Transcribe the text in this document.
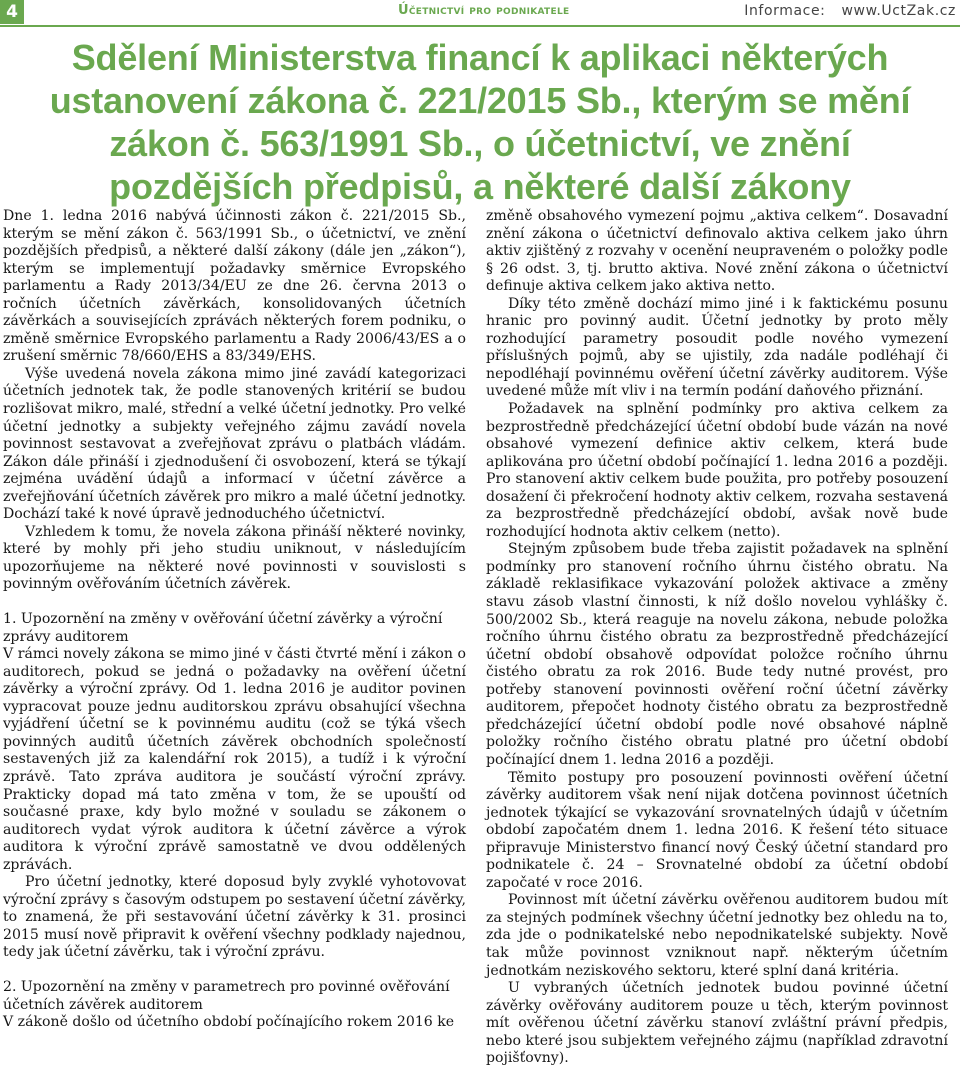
4	Účetnictví pro podnikatele	Informace: www.UctZak.cz
Sdělení Ministerstva financí k aplikaci některých ustanovení zákona č. 221/2015 Sb., kterým se mění zákon č. 563/1991 Sb., o účetnictví, ve znění pozdějších předpisů, a některé další zákony

Dne 1. ledna 2016 nabývá účinnosti zákon č. 221/2015 Sb., kterým se mění zákon č. 563/1991 Sb., o účetnictví, ve znění pozdějších předpisů, a některé další zákony (dále jen „zákon“), kterým se implementují požadavky směrnice Evropského parlamentu a Rady 2013/34/EU ze dne 26. června 2013 o ročních účetních závěrkách, konsolidovaných účetních závěrkách a souvisejících zprávách některých forem podniku, o změně směrnice Evropského parlamentu a Rady 2006/43/ES a o zrušení směrnic 78/660/EHS a 83/349/EHS.

Výše uvedená novela zákona mimo jiné zavádí kategorizaci účetních jednotek tak, že podle stanovených kritérií se budou rozlišovat mikro, malé, střední a velké účetní jednotky. Pro velké účetní jednotky a subjekty veřejného zájmu zavádí novela povinnost sestavovat a zveřejňovat zprávu o platbách vládám. Zákon dále přináší i zjednodušení či osvobození, která se týkají zejména uvádění údajů a informací v účetní závěrce a zveřejňování účetních závěrek pro mikro a malé účetní jednotky. Dochází také k nové úpravě jednoduchého účetnictví.

Vzhledem k tomu, že novela zákona přináší některé novinky, které by mohly při jeho studiu uniknout, v následujícím upozorňujeme na některé nové povinnosti v souvislosti s povinným ověřováním účetních závěrek.

1. Upozornění na změny v ověřování účetní závěrky a výroční zprávy auditorem

V rámci novely zákona se mimo jiné v části čtvrté mění i zákon o auditorech, pokud se jedná o požadavky na ověření účetní závěrky a výroční zprávy. Od 1. ledna 2016 je auditor povinen vypracovat pouze jednu auditorskou zprávu obsahující všechna vyjádření účetní se k povinnému auditu (což se týká všech povinných auditů účetních závěrek obchodních společností sestavených již za kalendářní rok 2015), a tudíž i k výroční zprávě. Tato zpráva auditora je součástí výroční zprávy. Prakticky dopad má tato změna v tom, že se upouští od současné praxe, kdy bylo možné v souladu se zákonem o auditorech vydat výrok auditora k účetní závěrce a výrok auditora k výroční zprávě samostatně ve dvou oddělených zprávách.

Pro účetní jednotky, které doposud byly zvyklé vyhotovovat výroční zprávy s časovým odstupem po sestavení účetní závěrky, to znamená, že při sestavování účetní závěrky k 31. prosinci 2015 musí nově připravit k ověření všechny podklady najednou, tedy jak účetní závěrku, tak i výroční zprávu.

2. Upozornění na změny v parametrech pro povinné ověřování účetních závěrek auditorem

V zákoně došlo od účetního období počínajícího rokem 2016 ke

změně obsahového vymezení pojmu „aktiva celkem“. Dosavadní znění zákona o účetnictví definovalo aktiva celkem jako úhrn aktiv zjištěný z rozvahy v ocenění neupraveném o položky podle § 26 odst. 3, tj. brutto aktiva. Nové znění zákona o účetnictví definuje aktiva celkem jako aktiva netto.

Díky této změně dochází mimo jiné i k faktickému posunu hranic pro povinný audit. Účetní jednotky by proto měly rozhodující parametry posoudit podle nového vymezení příslušných pojmů, aby se ujistily, zda nadále podléhají či nepodléhají povinnému ověření účetní závěrky auditorem. Výše uvedené může mít vliv i na termín podání daňového přiznání.

Požadavek na splnění podmínky pro aktiva celkem za bezprostředně předcházející účetní období bude vázán na nové obsahové vymezení definice aktiv celkem, která bude aplikována pro účetní období počínající 1. ledna 2016 a později. Pro stanovení aktiv celkem bude použita, pro potřeby posouzení dosažení či překročení hodnoty aktiv celkem, rozvaha sestavená za bezprostředně předcházející období, avšak nově bude rozhodující hodnota aktiv celkem (netto).

Stejným způsobem bude třeba zajistit požadavek na splnění podmínky pro stanovení ročního úhrnu čistého obratu. Na základě reklasifikace vykazování položek aktivace a změny stavu zásob vlastní činnosti, k níž došlo novelou vyhlášky č. 500/2002 Sb., která reaguje na novelu zákona, nebude položka ročního úhrnu čistého obratu za bezprostředně předcházející účetní období obsahově odpovídat položce ročního úhrnu čistého obratu za rok 2016. Bude tedy nutné provést, pro potřeby stanovení povinnosti ověření roční účetní závěrky auditorem, přepočet hodnoty čistého obratu za bezprostředně předcházející účetní období podle nové obsahové náplně položky ročního čistého obratu platné pro účetní období počínající dnem 1. ledna 2016 a později.

Těmito postupy pro posouzení povinnosti ověření účetní závěrky auditorem však není nijak dotčena povinnost účetních jednotek týkající se vykazování srovnatelných údajů v účetním období započatém dnem 1. ledna 2016. K řešení této situace připravuje Ministerstvo financí nový Český účetní standard pro podnikatele č. 24 – Srovnatelné období za účetní období započaté v roce 2016.

Povinnost mít účetní závěrku ověřenou auditorem budou mít za stejných podmínek všechny účetní jednotky bez ohledu na to, zda jde o podnikatelské nebo nepodnikatelské subjekty. Nově tak může povinnost vzniknout např. některým účetním jednotkám neziskového sektoru, které splní daná kritéria.

U vybraných účetních jednotek budou povinné účetní závěrky ověřovány auditorem pouze u těch, kterým povinnost mít ověřenou účetní závěrku stanoví zvláštní právní předpis, nebo které jsou subjektem veřejného zájmu (například zdravotní pojišťovny).
